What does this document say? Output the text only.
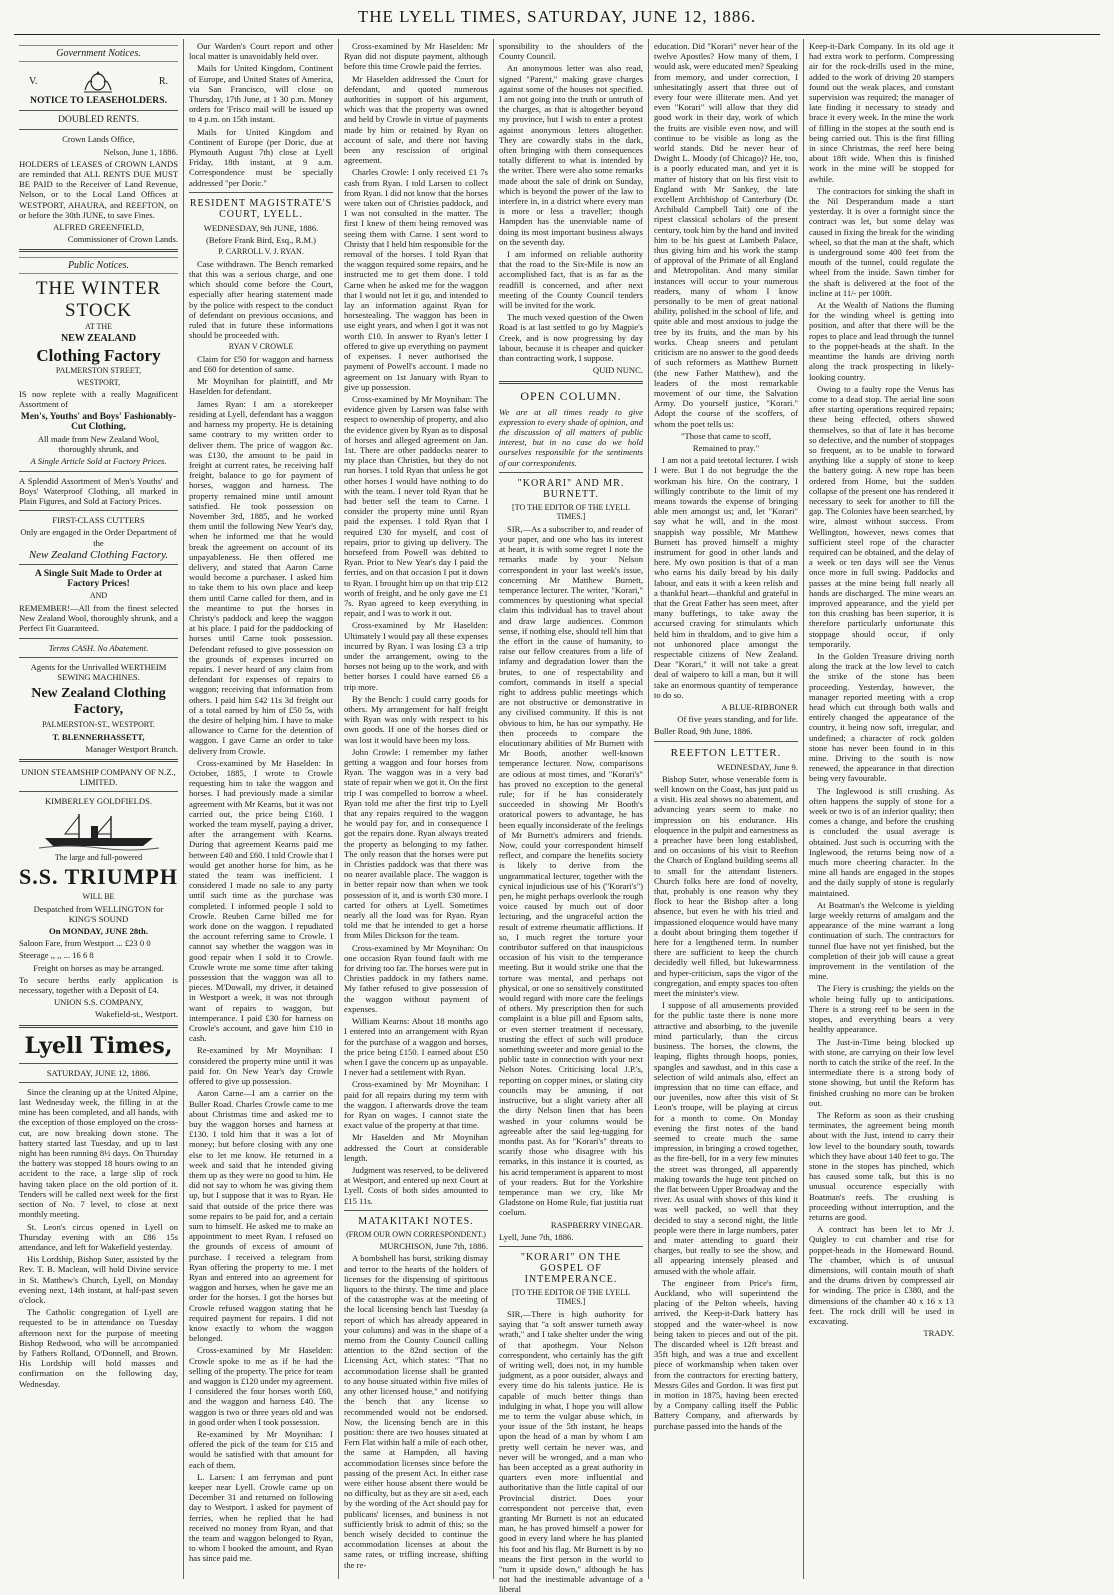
THE LYELL TIMES, SATURDAY, JUNE 12, 1886.
Government Notices.
V.	R.

NOTICE TO LEASEHOLDERS.

DOUBLED RENTS.

Crown Lands Office,

Nelson, June 1, 1886.

HOLDERS of LEASES of CROWN LANDS are reminded that ALL RENTS DUE MUST BE PAID to the Receiver of Land Revenue, Nelson, or to the Local Land Offices at WESTPORT, AHAURA, and REEFTON, on or before the 30th JUNE, to save Fines.

ALFRED GREENFIELD,

Commissioner of Crown Lands.

Public Notices.
THE WINTER STOCK

AT THE

NEW ZEALAND

Clothing Factory

PALMERSTON STREET,

WESTPORT,

IS now replete with a really Magnificent Assortment of

Men's, Youths' and Boys' Fashionably-Cut Clothing,

All made from New Zealand Wool, thoroughly shrunk, and

A Single Article Sold at Factory Prices.

A Splendid Assortment of Men's Youths' and Boys' Waterproof Clothing, all marked in Plain Figures, and Sold at Factory Prices.

FIRST-CLASS CUTTERS

Only are engaged in the Order Department of the

New Zealand Clothing Factory.

A Single Suit Made to Order at Factory Prices!

AND

REMEMBER!—All from the finest selected New Zealand Wool, thoroughly shrunk, and a Perfect Fit Guaranteed.

Terms CASH. No Abatement.

Agents for the Unrivalled WERTHEIM SEWING MACHINES.

New Zealand Clothing Factory,

PALMERSTON-ST., WESTPORT.

T. BLENNERHASSETT,

Manager Westport Branch.

UNION STEAMSHIP COMPANY OF N.Z., LIMITED.

KIMBERLEY GOLDFIELDS.

The large and full-powered

S.S. TRIUMPH

WILL BE

Despatched from WELLINGTON for KING'S SOUND

On MONDAY, JUNE 28th.

Saloon Fare, from Westport ... £23 0 0

Steerage ,, ,, ... 16 6 8

Freight on horses as may be arranged.

To secure berths early application is necessary, together with a Deposit of £4.

UNION S.S. COMPANY,

Wakefield-st., Westport.

Lyell Times,

SATURDAY, JUNE 12, 1886.

Since the cleaning up at the United Alpine, last Wednesday week, the filling in at the mine has been completed, and all hands, with the exception of those employed on the cross-cut, are now breaking down stone. The battery started last Tuesday, and up to last night has been running 8½ days. On Thursday the battery was stopped 18 hours owing to an accident to the race, a large slip of rock having taken place on the old portion of it. Tenders will be called next week for the first section of No. 7 level, to close at next monthly meeting.

St. Leon's circus opened in Lyell on Thursday evening with an £86 15s attendance, and left for Wakefield yesterday.

His Lordship, Bishop Suter, assisted by the Rev. T. B. Maclean, will hold Divine service in St. Matthew's Church, Lyell, on Monday evening next, 14th instant, at half-past seven o'clock.

The Catholic congregation of Lyell are requested to be in attendance on Tuesday afternoon next for the purpose of meeting Bishop Redwood, who will be accompanied by Fathers Rolland, O'Donnell, and Brown. His Lordship will hold masses and confirmation on the following day, Wednesday.

Our Warden's Court report and other local matter is unavoidably held over.

Mails for United Kingdom, Continent of Europe, and United States of America, via San Francisco, will close on Thursday, 17th June, at 1 30 p.m. Money orders for 'Frisco mail will be issued up to 4 p.m. on 15th instant.

Mails for United Kingdom and Continent of Europe (per Doric, due at Plymouth August 7th) close at Lyell Friday, 18th instant, at 9 a.m. Correspondence must be specially addressed "per Doric."

RESIDENT MAGISTRATE'S COURT, LYELL.

WEDNESDAY, 9th JUNE, 1886.

(Before Frank Bird, Esq., R.M.)

P. CARROLL V. J. RYAN.

Case withdrawn. The Bench remarked that this was a serious charge, and one which should come before the Court, especially after hearing statement made by the police with respect to the conduct of defendant on previous occasions, and ruled that in future these informations should be proceeded with.

RYAN V CROWLE

Claim for £50 for waggon and harness and £60 for detention of same.

Mr Moynihan for plaintiff, and Mr Haselden for defendant.

James Ryan: I am a storekeeper residing at Lyell, defendant has a waggon and harness my property. He is detaining same contrary to my written order to deliver them. The price of waggon &c. was £130, the amount to be paid in freight at current rates, he receiving half freight, balance to go for payment of horses, waggon and harness. The property remained mine until amount satisfied. He took possession on November 3rd, 1885, and he worked them until the following New Year's day, when he informed me that he would break the agreement on account of its unpayableness. He then offered me delivery, and stated that Aaron Carne would become a purchaser. I asked him to take them to his own place and keep them until Carne called for them, and in the meantime to put the horses in Christy's paddock and keep the waggon at his place. I paid for the paddocking of horses until Carne took possession. Defendant refused to give possession on the grounds of expenses incurred on repairs. I never heard of any claim from defendant for expenses of repairs to waggon; receiving that information from others. I paid him £42 11s 3d freight out of a total earned by him of £50 5s, with the desire of helping him. I have to make allowance to Carne for the detention of waggon. I gave Carne an order to take delivery from Crowle.

Cross-examined by Mr Haselden: In October, 1885, I wrote to Crowle requesting him to take the waggon and horses. I had previously made a similar agreement with Mr Kearns, but it was not carried out, the price being £160. I worked the team myself, paying a driver, after the arrangement with Kearns. During that agreement Kearns paid me between £40 and £60. I told Crowle that I would get another horse for him, as he stated the team was inefficient. I considered I made no sale to any party until such time as the purchase was completed. I informed people I sold to Crowle. Reuben Carne billed me for work done on the waggon. I repudiated the account referring same to Crowle. I cannot say whether the waggon was in good repair when I sold it to Crowle. Crowle wrote me some time after taking possession that the waggon was all to pieces. M'Dowall, my driver, it detained in Westport a week, it was not through want of repairs to waggon, but intemperance. I paid £30 for harness on Crowle's account, and gave him £10 in cash.

Re-examined by Mr Moynihan: I considered the property mine until it was paid for. On New Year's day Crowle offered to give up possession.

Aaron Carne—I am a carrier on the Buller Road. Charles Crowle came to me about Christmas time and asked me to buy the waggon horses and harness at £130. I told him that it was a lot of money; but before closing with any one else to let me know. He returned in a week and said that he intended giving them up as they were no good to him. He did not say to whom he was giving them up, but I suppose that it was to Ryan. He said that outside of the price there was some repairs to be paid for, and a certain sum to himself. He asked me to make an appointment to meet Ryan. I refused on the grounds of excess of amount of purchase. I received a telegram from Ryan offering the property to me. I met Ryan and entered into an agreement for waggon and horses, when he gave me an order for the horses. I got the horses but Crowle refused waggon stating that he required payment for repairs. I did not know exactly to whom the waggon belonged.

Cross-examined by Mr Haselden: Crowle spoke to me as if he had the selling of the property. The price for team and waggon is £120 under my agreement. I considered the four horses worth £60, and the waggon and harness £40. The waggon is two or three years old and was in good order when I took possession.

Re-examined by Mr Moynihan: I offered the pick of the team for £15 and would be satisfied with that amount for each of them.

L. Larsen: I am ferryman and punt keeper near Lyell. Crowle came up on December 31 and returned on following day to Westport. I asked for payment of ferries, when he replied that he had received no money from Ryan, and that the team and waggon belonged to Ryan, to whom I booked the amount, and Ryan has since paid me.

Cross-examined by Mr Haselden: Mr Ryan did not dispute payment, although before this time Crowle paid the ferries.

Mr Haselden addressed the Court for defendant, and quoted numerous authorities in support of his argument, which was that the property was owned and held by Crowle in virtue of payments made by him or retained by Ryan on account of sale, and there not having been any rescission of original agreement.

Charles Crowle: I only received £1 7s cash from Ryan. I told Larsen to collect from Ryan. I did not know that the horses were taken out of Christies paddock, and I was not consulted in the matter. The first I knew of them being removed was seeing them with Carne. I sent word to Christy that I held him responsible for the removal of the horses. I told Ryan that the waggon required some repairs, and he instructed me to get them done. I told Carne when he asked me for the waggon that I would not let it go, and intended to lay an information against Ryan for horsestealing. The waggon has been in use eight years, and when I got it was not worth £10. In answer to Ryan's letter I offered to give up everything on payment of expenses. I never authorised the payment of Powell's account. I made no agreement on 1st January with Ryan to give up possession.

Cross-examined by Mr Moynihan: The evidence given by Larsen was false with respect to ownership of property, and also the evidence given by Ryan as to disposal of horses and alleged agreement on Jan. 1st. There are other paddocks nearer to my place than Christies, but they do not run horses. I told Ryan that unless he got other horses I would have nothing to do with the team. I never told Ryan that he had better sell the team to Carne. I consider the property mine until Ryan paid the expenses. I told Ryan that I required £30 for myself, and cost of repairs, prior to giving up delivery. The horsefeed from Powell was debited to Ryan. Prior to New Year's day I paid the ferries, and on that occasion I put it down to Ryan. I brought him up on that trip £12 worth of freight, and he only gave me £1 7s. Ryan agreed to keep everything in repair, and I was to work it out.

Cross-examined by Mr Haselden: Ultimately I would pay all these expenses incurred by Ryan. I was losing £3 a trip under the arrangement, owing to the horses not being up to the work, and with better horses I could have earned £6 a trip more.

By the Bench: I could carry goods for others. My arrangement for half freight with Ryan was only with respect to his own goods. If one of the horses died or was lost it would have been my loss.

John Crowle: I remember my father getting a waggon and four horses from Ryan. The waggon was in a very bad state of repair when we got it. On the first trip I was compelled to borrow a wheel. Ryan told me after the first trip to Lyell that any repairs required to the waggon he would pay for, and in consequence I got the repairs done. Ryan always treated the property as belonging to my father. The only reason that the horses were put in Christies paddock was that there was no nearer available place. The waggon is in better repair now than when we took possession of it, and is worth £30 more. I carted for others at Lyell. Sometimes nearly all the load was for Ryan. Ryan told me that he intended to get a horse from Miles Dickson for the team.

Cross-examined by Mr Moynihan: On one occasion Ryan found fault with me for driving too far. The horses were put in Christies paddock in my fathers name. My father refused to give possession of the waggon without payment of expenses.

William Kearns: About 18 months ago I entered into an arrangement with Ryan for the purchase of a waggon and horses, the price being £150. I earned about £50 when I gave the concern up as unpayable. I never had a settlement with Ryan.

Cross-examined by Mr Moynihan: I paid for all repairs during my term with the waggon. I afterwards drove the team for Ryan on wages. I cannot state the exact value of the property at that time.

Mr Haselden and Mr Moynihan addressed the Court at considerable length.

Judgment was reserved, to be delivered at Westport, and entered up next Court at Lyell. Costs of both sides amounted to £15 11s.

MATAKITAKI NOTES.

(FROM OUR OWN CORRESPONDENT.)

MURCHISON, June 7th, 1886.

A bombshell has burst, striking dismay and terror to the hearts of the holders of licenses for the dispensing of spirituous liquors to the thirsty. The time and place of the catastrophe was at the meeting of the local licensing bench last Tuesday (a report of which has already appeared in your columns) and was in the shape of a memo from the County Council calling attention to the 82nd section of the Licensing Act, which states: "That no accommodation license shall be granted to any house situated within five miles of any other licensed house," and notifying the bench that any license so recommended would not be endorsed. Now, the licensing bench are in this position: there are two houses situated at Fern Flat within half a mile of each other, the same at Hampden, all having accommodation licenses since before the passing of the present Act. In either case were either house absent there would be no difficulty, but as they are sit a-ed, each by the wording of the Act should pay for publicans' licenses, and business is not sufficiently brisk to admit of this; so the bench wisely decided to continue the accommodation licenses at about the same rates, or trifling increase, shifting the re-

sponsibility to the shoulders of the County Council.

An anonymous letter was also read, signed "Parent," making grave charges against some of the houses not specified. I am not going into the truth or untruth of the charges, as that is altogether beyond my province, but I wish to enter a protest against anonymous letters altogether. They are cowardly stabs in the dark, often bringing with them consequences totally different to what is intended by the writer. There were also some remarks made about the sale of drink on Sunday, which is beyond the power of the law to interfere in, in a district where every man is more or less a traveller; though Hampden has the unenviable name of doing its most important business always on the seventh day.

I am informed on reliable authority that the road to the Six-Mile is now an accomplished fact, that is as far as the readfill is concerned, and after next meeting of the County Council tenders will be invited for the work.

The much vexed question of the Owen Road is at last settled to go by Magpie's Creek, and is now progressing by day labour, because it is cheaper and quicker than contracting work, I suppose.

QUID NUNC.

OPEN COLUMN.

We are at all times ready to give expression to every shade of opinion, and the discussion of all matters of public interest, but in no case do we hold ourselves responsible for the sentiments of our correspondents.

"KORARI" AND MR. BURNETT.

[TO THE EDITOR OF THE LYELL TIMES.]

SIR,—As a subscriber to, and reader of your paper, and one who has its interest at heart, it is with some regret I note the remarks made by your Nelson correspondent in your last week's issue, concerning Mr Matthew Burnett, temperance lecturer. The writer, "Korari," commences by questioning what special claim this individual has to travel about and draw large audiences. Common sense, if nothing else, should tell him that the effort in the cause of humanity, to raise our fellow creatures from a life of infamy and degradation lower than the brutes, to one of respectability and comfort, commands in itself a special right to address public meetings which are not obstructive or demonstrative in any civilised community. If this is not obvious to him, he has our sympathy. He then proceeds to compare the elocutionary abilities of Mr Burnett with Mr Booth, another well-known temperance lecturer. Now, comparisons are odious at most times, and "Korari's" has proved no exception to the general rule; for if he has considerately succeeded in showing Mr Booth's oratorical powers to advantage, he has been equally inconsiderate of the feelings of Mr Burnett's admirers and friends. Now, could your correspondent himself reflect, and compare the benefits society is likely to derive from the ungrammatical lecturer, together with the cynical injudicious use of his ("Korari's") pen, he might perhaps overlook the rough voice caused by much out of door lecturing, and the ungraceful action the result of extreme rheumatic afflictions. If so, I much regret the torture your contributor suffered on that inauspicious occasion of his visit to the temperance meeting. But it would strike one that the torture was mental, and perhaps not physical, or one so sensitively constituted would regard with more care the feelings of others. My prescription then for such complaint is a blue pill and Epsom salts, or even sterner treatment if necessary, trusting the effect of such will produce something sweeter and more genial to the public taste in connection with your next Nelson Notes. Criticising local J.P.'s, reporting on copper mines, or slating city councils may be amusing, if not instructive, but a slight variety after all the dirty Nelson linen that has been washed in your columns would be agreeable after the said leg-tugging for months past. As for "Korari's" threats to scarify those who disagree with his remarks, in this instance it is courted, as his acrid temperament is apparent to most of your readers. But for the Yorkshire temperance man we cry, like Mr Gladstone on Home Rule, fiat justitia ruat coelum.

RASPBERRY VINEGAR.

Lyell, June 7th, 1886.

"KORARI" ON THE GOSPEL OF INTEMPERANCE.

[TO THE EDITOR OF THE LYELL TIMES.]

SIR,—There is high authority for saying that "a soft answer turneth away wrath," and I take shelter under the wing of that apothegm. Your Nelson correspondent, who certainly has the gift of writing well, does not, in my humble judgment, as a poor outsider, always and every time do his talents justice. He is capable of much better things than indulging in what, I hope you will allow me to term the vulgar abuse which, in your issue of the 5th instant, he heaps upon the head of a man by whom I am pretty well certain he never was, and never will be wronged, and a man who has been accepted as a great authority in quarters even more influential and authoritative than the little capital of our Provincial district. Does your correspondent not perceive that, even granting Mr Burnett is not an educated man, he has proved himself a power for good in every land where he has planted his foot and his flag. Mr Burnett is by no means the first person in the world to "turn it upside down," although he has not had the inestimable advantage of a liberal

education. Did "Korari" never hear of the twelve Apostles? How many of them, I would ask, were educated men? Speaking from memory, and under correction, I unhesitatingly assert that three out of every four were illiterate men. And yet even "Korari" will allow that they did good work in their day, work of which the fruits are visible even now, and will continue to be visible as long as the world stands. Did he never hear of Dwight L. Moody (of Chicago)? He, too, is a poorly educated man, and yet it is matter of history that on his first visit to England with Mr Sankey, the late excellent Archbishop of Canterbury (Dr. Archibald Campbell Tait) one of the ripest classical scholars of the present century, took him by the hand and invited him to be his guest at Lambeth Palace, thus giving him and his work the stamp of approval of the Primate of all England and Metropolitan. And many similar instances will occur to your numerous readers, many of whom I know personally to be men of great national ability, polished in the school of life, and quite able and most anxious to judge the tree by its fruits, and the man by his works. Cheap sneers and petulant criticism are no answer to the good deeds of such reformers as Matthew Burnett (the new Father Matthew), and the leaders of the most remarkable movement of our time, the Salvation Army. Do yourself justice, "Korari." Adopt the course of the scoffers, of whom the poet tells us:

"Those that came to scoff,

Remained to pray."

I am not a paid teetotal lecturer. I wish I were. But I do not begrudge the the workman his hire. On the contrary, I willingly contribute to the limit of my means towards the expense of bringing able men amongst us; and, let "Korari" say what he will, and in the most snappish way possible, Mr Matthew Burnett has proved himself a mighty instrument for good in other lands and here. My own position is that of a man who earns his daily bread by his daily labour, and eats it with a keen relish and a thankful heart—thankful and grateful in that the Great Father has seen meet, after many buffetings, to take away the accursed craving for stimulants which held him in thraldom, and to give him a not unhonored place amongst the respectable citizens of New Zealand. Dear "Korari," it will not take a great deal of waipero to kill a man, but it will take an enormous quantity of temperance to do so.

A BLUE-RIBBONER

Of five years standing, and for life.

Buller Road, 9th June, 1886.

REEFTON LETTER.

WEDNESDAY, June 9.

Bishop Suter, whose venerable form is well known on the Coast, has just paid us a visit. His zeal shows no abatement, and advancing years seem to make no impression on his endurance. His eloquence in the pulpit and earnestness as a preacher have been long established, and on occasions of his visit to Reefton the Church of England building seems all to small for the attendant listeners. Church folks here are fond of novelty, that, probably is one reason why they flock to hear the Bishop after a long absence, but even he with his tried and impassioned eloquence would have many a doubt about bringing them together if here for a lengthened term. In number there are sufficient to keep the church decidedly well filled, but lukewarmness and hyper-criticism, saps the vigor of the congregation, and empty spaces too often meet the minister's view.

I suppose of all amusements provided for the public taste there is none more attractive and absorbing, to the juvenile mind particularly, than the circus business. The horses, the clowns, the leaping, flights through hoops, ponies, spangles and sawdust, and in this case a selection of wild animals also, effect an impression that no time can efface, and our juveniles, now after this visit of St Leon's troupe, will be playing at circus for a month to come. On Monday evening the first notes of the band seemed to create much the same impression, in bringing a crowd together, as the fire-bell, for in a very few minutes the street was thronged, all apparently making towards the huge tent pitched on the flat between Upper Broadway and the river. As usual with shows of this kind it was well packed, so well that they decided to stay a second night, the little people were there in large numbers, pater and mater attending to guard their charges, but really to see the show, and all appearing intensely pleased and amused with the whole affair.

The engineer from Price's firm, Auckland, who will superintend the placing of the Pelton wheels, having arrived, the Keep-it-Dark battery has stopped and the water-wheel is now being taken to pieces and out of the pit. The discarded wheel is 12ft breast and 35ft high, and was a true and excellent piece of workmanship when taken over from the contractors for erecting battery, Messrs Giles and Gordon. It was first put in motion in 1875, having been erected by a Company calling itself the Public Battery Company, and afterwards by purchase passed into the hands of the

Keep-it-Dark Company. In its old age it had extra work to perform. Compressing air for the rock-drills used in the mine, added to the work of driving 20 stampers found out the weak places, and constant supervision was required; the manager of late finding it necessary to steady and brace it every week. In the mine the work of filling in the stopes at the south end is being carried out. This is the first filling in since Christmas, the reef here being about 18ft wide. When this is finished work in the mine will be stopped for awhile.

The contractors for sinking the shaft in the Nil Desperandum made a start yesterday. It is over a fortnight since the contract was let, but some delay was caused in fixing the break for the winding wheel, so that the man at the shaft, which is underground some 400 feet from the mouth of the tunnel, could regulate the wheel from the inside. Sawn timber for the shaft is delivered at the foot of the incline at 11/- per 100ft.

At the Wealth of Nations the fluming for the winding wheel is getting into position, and after that there will be the ropes to place and lead through the tunnel to the poppet-heads at the shaft. In the meantime the hands are driving north along the track prospecting in likely-looking country.

Owing to a faulty rope the Venus has come to a dead stop. The aerial line soon after starting operations required repairs; these being effected, others showed themselves, so that of late it has become so defective, and the number of stoppages so frequent, as to be unable to forward anything like a supply of stone to keep the battery going. A new rope has been ordered from Home, but the sudden collapse of the present one has rendered it necessary to seek for another to fill the gap. The Colonies have been searched, by wire, almost without success. From Wellington, however, news comes that sufficient steel rope of the character required can be obtained, and the delay of a week or ten days will see the Venus once more in full swing. Paddocks and passes at the mine being full nearly all hands are discharged. The mine wears an improved appearance, and the yield per ton this crushing has been superior, it is therefore particularly unfortunate this stoppage should occur, if only temporarily.

In the Golden Treasure driving north along the track at the low level to catch the strike of the stone has been proceeding. Yesterday, however, the manager reported meeting with a crop head which cut through both walls and entirely changed the appearance of the country, it being now soft, irregular, and undefined; a character of rock golden stone has never been found in in this mine. Driving to the south is now renewed, the appearance in that direction being very favourable.

The Inglewood is still crushing. As often happens the supply of stone for a week or two is of an inferior quality; then comes a change, and before the crushing is concluded the usual average is obtained. Just such is occurring with the Inglewood, the returns being now of a much more cheering character. In the mine all hands are engaged in the stopes and the daily supply of stone is regularly maintained.

At Boatman's the Welcome is yielding large weekly returns of amalgam and the appearance of the mine warrant a long continuation of such. The contractors for tunnel flue have not yet finished, but the completion of their job will cause a great improvement in the ventilation of the mine.

The Fiery is crushing; the yields on the whole being fully up to anticipations. There is a strong reef to be seen in the stopes, and everything bears a very healthy appearance.

The Just-in-Time being blocked up with stone, are carrying on their low level north to catch the strike of the reef. In the intermediate there is a strong body of stone showing, but until the Reform has finished crushing no more can be broken out.

The Reform as soon as their crushing terminates, the agreement being month about with the Just, intend to carry their low level to the boundary south, towards which they have about 140 feet to go. The stone in the stopes has pinched, which has caused some talk, but this is no unusual occurence especially with Boatman's reefs. The crushing is proceeding without interruption, and the returns are good.

A contract has been let to Mr J. Quigley to cut chamber and rise for poppet-heads in the Homeward Bound. The chamber, which is of unusual dimensions, will contain mouth of shaft and the drums driven by compressed air for winding. The price is £380, and the dimensions of the chamber 40 x 16 x 13 feet. The rock drill will be used in excavating.

TRADY.
